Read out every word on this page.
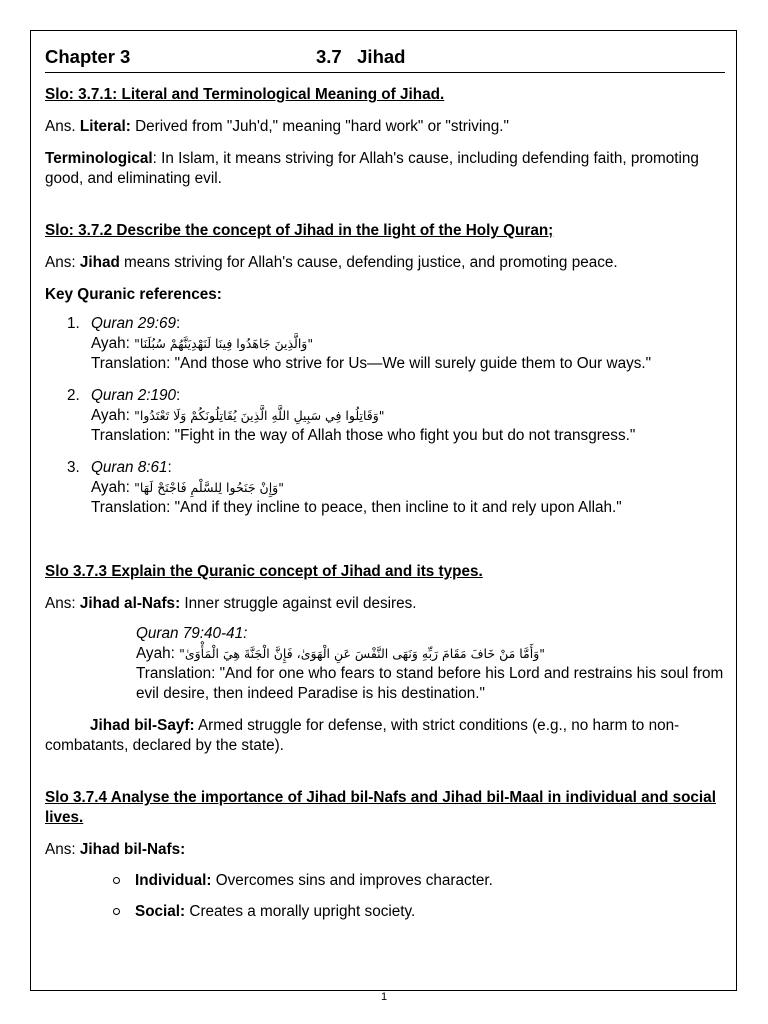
Chapter 3	3.7   Jihad

Slo: 3.7.1: Literal and Terminological Meaning of Jihad.

Ans. Literal: Derived from "Juh'd," meaning "hard work" or "striving."

Terminological: In Islam, it means striving for Allah's cause, including defending faith, promoting good, and eliminating evil.

Slo: 3.7.2 Describe the concept of Jihad in the light of the Holy Quran;

Ans: Jihad means striving for Allah's cause, defending justice, and promoting peace.

Key Quranic references:

1. Quran 29:69:
Ayah: "وَالَّذِينَ جَاهَدُوا فِينَا لَنَهْدِيَنَّهُمْ سُبُلَنَا"
Translation: "And those who strive for Us—We will surely guide them to Our ways."
2. Quran 2:190:
Ayah: "وَقَاتِلُوا فِي سَبِيلِ اللَّهِ الَّذِينَ يُقَاتِلُونَكُمْ وَلَا تَعْتَدُوا"
Translation: "Fight in the way of Allah those who fight you but do not transgress."
3. Quran 8:61:
Ayah: "وَإِنْ جَنَحُوا لِلسَّلْمِ فَاجْنَحْ لَهَا"
Translation: "And if they incline to peace, then incline to it and rely upon Allah."

Slo 3.7.3 Explain the Quranic concept of Jihad and its types.

Ans: Jihad al-Nafs: Inner struggle against evil desires.

Quran 79:40-41:
Ayah: "وَأَمَّا مَنْ خَافَ مَقَامَ رَبِّهِ وَنَهَى النَّفْسَ عَنِ الْهَوَىٰ، فَإِنَّ الْجَنَّةَ هِيَ الْمَأْوَىٰ"
Translation: "And for one who fears to stand before his Lord and restrains his soul from evil desire, then indeed Paradise is his destination."

Jihad bil-Sayf: Armed struggle for defense, with strict conditions (e.g., no harm to non-combatants, declared by the state).

Slo 3.7.4 Analyse the importance of Jihad bil-Nafs and Jihad bil-Maal in individual and social lives.

Ans: Jihad bil-Nafs:

Individual: Overcomes sins and improves character.
Social: Creates a morally upright society.
1
